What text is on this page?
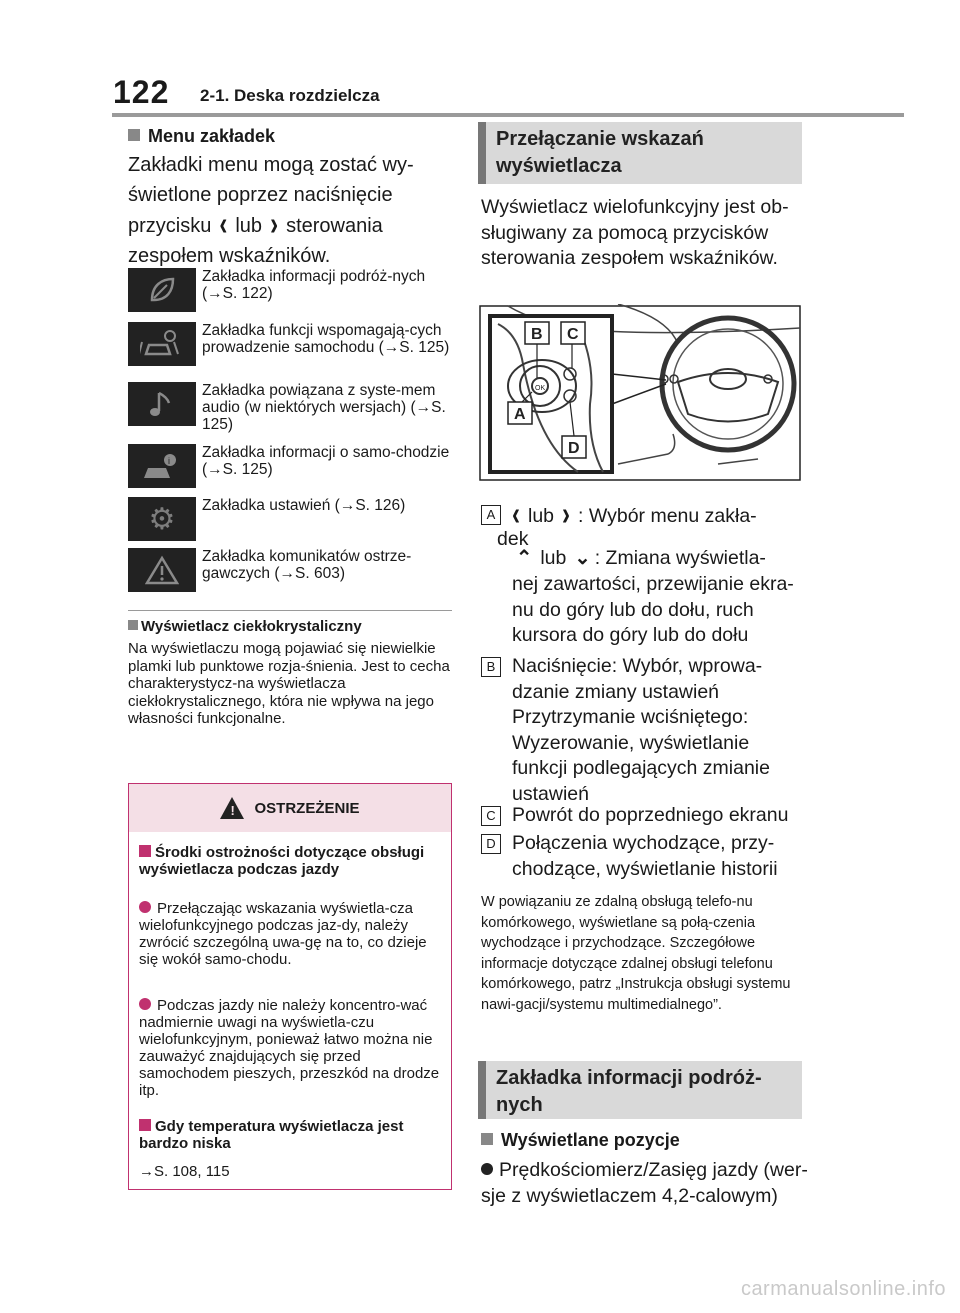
122 2-1. Deska rozdzielcza
Menu zakładek
Zakładki menu mogą zostać wy-
świetlone poprzez naciśnięcie
przycisku ‹ lub › sterowania
zespołem wskaźników.
Zakładka informacji podróż-nych (→S. 122)
Zakładka funkcji wspomagają-cych prowadzenie samochodu (→S. 125)
Zakładka powiązana z syste-mem audio (w niektórych wersjach) (→S. 125)
i Zakładka informacji o samo-chodzie (→S. 125)
⚙	Zakładka ustawień (→S. 126)
Zakładka komunikatów ostrze-gawczych (→S. 603)
Wyświetlacz ciekłokrystaliczny
Na wyświetlaczu mogą pojawiać się niewielkie plamki lub punktowe rozja-śnienia. Jest to cecha charakterystycz-na wyświetlacza ciekłokrystalicznego, która nie wpływa na jego własności funkcjonalne.
! OSTRZEŻENIE
Środki ostrożności dotyczące obsługi wyświetlacza podczas jazdy
Przełączając wskazania wyświetla-cza wielofunkcyjnego podczas jaz-dy, należy zwrócić szczególną uwa-gę na to, co dzieje się wokół samo-chodu.
Podczas jazdy nie należy koncentro-wać nadmiernie uwagi na wyświetla-czu wielofunkcyjnym, ponieważ łatwo można nie zauważyć znajdujących się przed samochodem pieszych, przeszkód na drodze itp.
Gdy temperatura wyświetlacza jest bardzo niska
→S. 108, 115
Przełączanie wskazań wyświetlacza
Wyświetlacz wielofunkcyjny jest ob-sługiwany za pomocą przycisków sterowania zespołem wskaźników.
OK
B C
A
D
A ‹ lub › : Wybór menu zakła-
dek
⌃ lub ⌄ : Zmiana wyświetla-
nej zawartości, przewijanie ekra-nu do góry lub do dołu, ruch kursora do góry lub do dołu
B Naciśnięcie: Wybór, wprowa-dzanie zmiany ustawień
Przytrzymanie wciśniętego: Wyzerowanie, wyświetlanie funkcji podlegających zmianie ustawień
C Powrót do poprzedniego ekranu
D Połączenia wychodzące, przy-chodzące, wyświetlanie historii
W powiązaniu ze zdalną obsługą telefo-nu komórkowego, wyświetlane są połą-czenia wychodzące i przychodzące. Szczegółowe informacje dotyczące zdalnej obsługi telefonu komórkowego, patrz „Instrukcja obsługi systemu nawi-gacji/systemu multimedialnego”.
Zakładka informacji podróż-nych
Wyświetlane pozycje
Prędkościomierz/Zasięg jazdy (wer-sje z wyświetlaczem 4,2-calowym)
carmanualsonline.info
